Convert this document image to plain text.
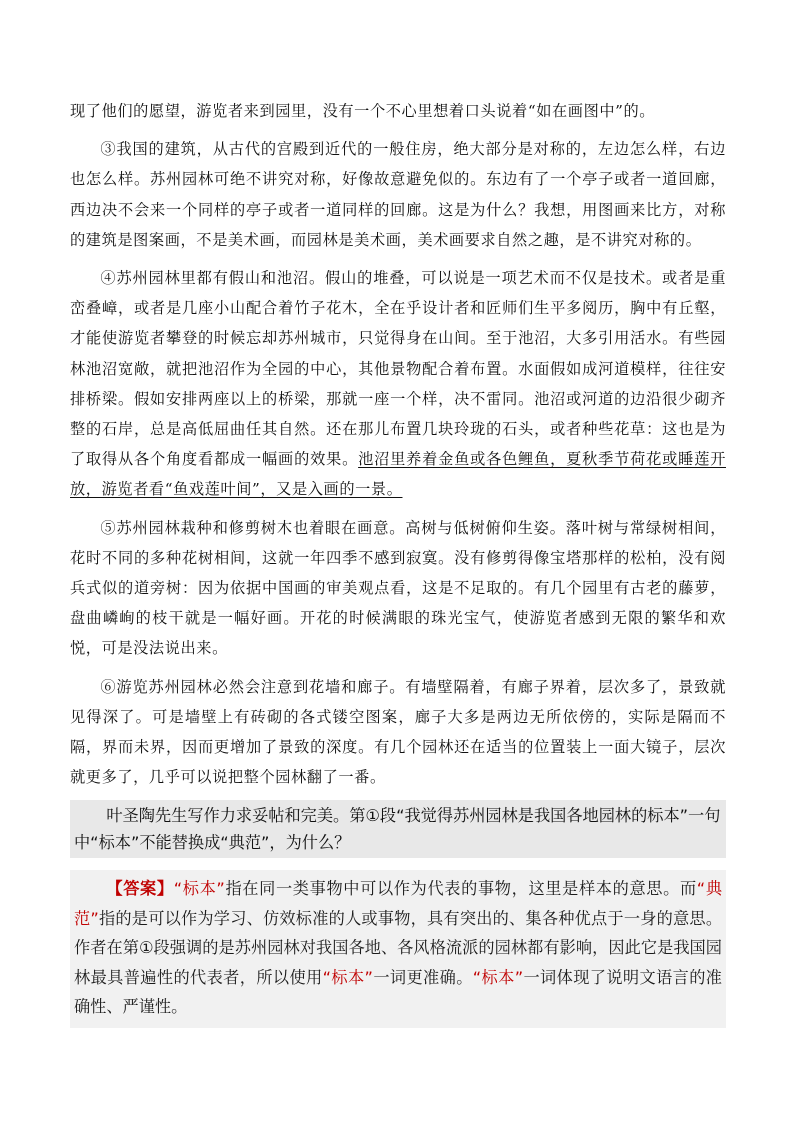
现了他们的愿望，游览者来到园里，没有一个不心里想着口头说着“如在画图中”的。

③我国的建筑，从古代的宫殿到近代的一般住房，绝大部分是对称的，左边怎么样，右边也怎么样。苏州园林可绝不讲究对称，好像故意避免似的。东边有了一个亭子或者一道回廊，西边决不会来一个同样的亭子或者一道同样的回廊。这是为什么？我想，用图画来比方，对称的建筑是图案画，不是美术画，而园林是美术画，美术画要求自然之趣，是不讲究对称的。

④苏州园林里都有假山和池沼。假山的堆叠，可以说是一项艺术而不仅是技术。或者是重峦叠嶂，或者是几座小山配合着竹子花木，全在乎设计者和匠师们生平多阅历，胸中有丘壑，才能使游览者攀登的时候忘却苏州城市，只觉得身在山间。至于池沼，大多引用活水。有些园林池沼宽敞，就把池沼作为全园的中心，其他景物配合着布置。水面假如成河道模样，往往安排桥梁。假如安排两座以上的桥梁，那就一座一个样，决不雷同。池沼或河道的边沿很少砌齐整的石岸，总是高低屈曲任其自然。还在那儿布置几块玲珑的石头，或者种些花草：这也是为了取得从各个角度看都成一幅画的效果。池沼里养着金鱼或各色鲤鱼，夏秋季节荷花或睡莲开放，游览者看“鱼戏莲叶间”，又是入画的一景。

⑤苏州园林栽种和修剪树木也着眼在画意。高树与低树俯仰生姿。落叶树与常绿树相间，花时不同的多种花树相间，这就一年四季不感到寂寞。没有修剪得像宝塔那样的松柏，没有阅兵式似的道旁树：因为依据中国画的审美观点看，这是不足取的。有几个园里有古老的藤萝，盘曲嶙峋的枝干就是一幅好画。开花的时候满眼的珠光宝气，使游览者感到无限的繁华和欢悦，可是没法说出来。

⑥游览苏州园林必然会注意到花墙和廊子。有墙壁隔着，有廊子界着，层次多了，景致就见得深了。可是墙壁上有砖砌的各式镂空图案，廊子大多是两边无所依傍的，实际是隔而不隔，界而未界，因而更增加了景致的深度。有几个园林还在适当的位置装上一面大镜子，层次就更多了，几乎可以说把整个园林翻了一番。

叶圣陶先生写作力求妥帖和完美。第①段“我觉得苏州园林是我国各地园林的标本”一句中“标本”不能替换成“典范”，为什么？
【答案】“标本”指在同一类事物中可以作为代表的事物，这里是样本的意思。而“典范”指的是可以作为学习、仿效标准的人或事物，具有突出的、集各种优点于一身的意思。作者在第①段强调的是苏州园林对我国各地、各风格流派的园林都有影响，因此它是我国园林最具普遍性的代表者，所以使用“标本”一词更准确。“标本”一词体现了说明文语言的准确性、严谨性。
